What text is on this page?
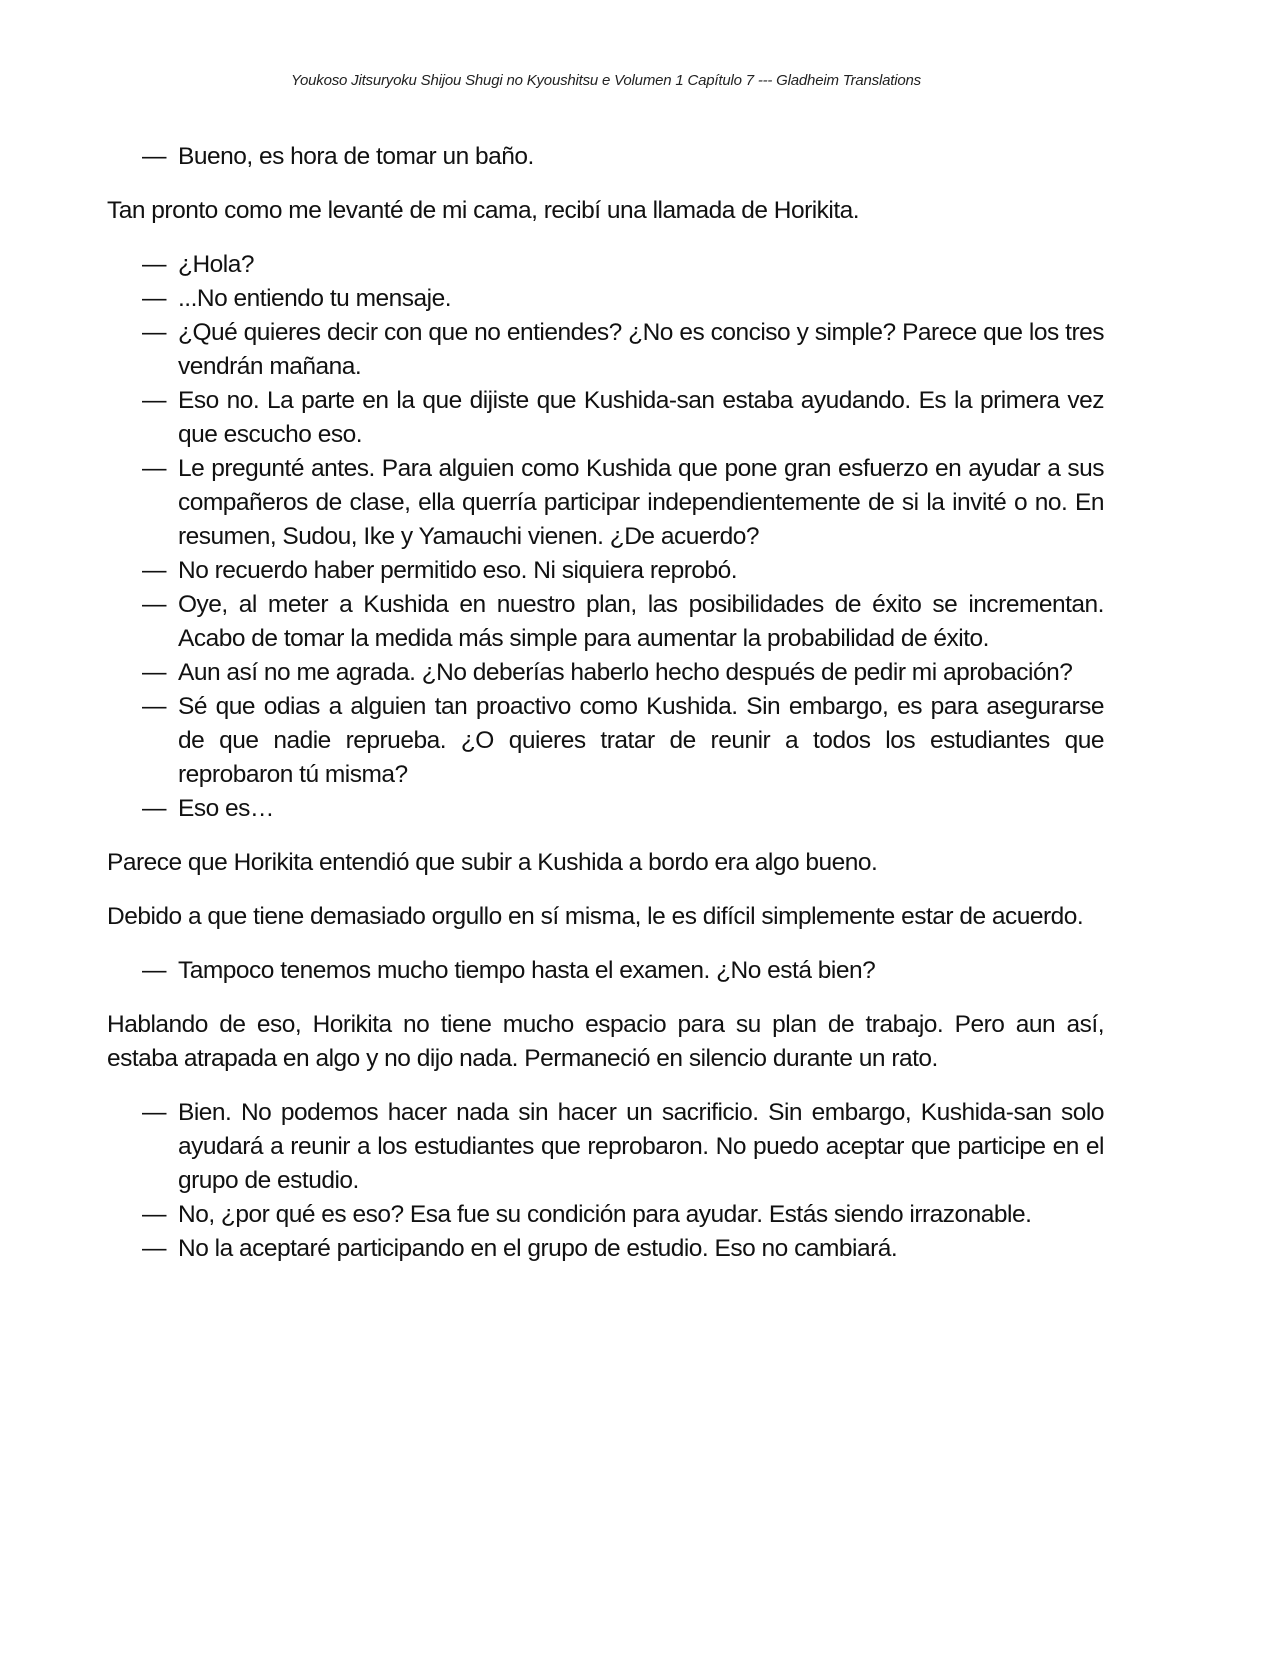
Youkoso Jitsuryoku Shijou Shugi no Kyoushitsu e Volumen 1 Capítulo 7 --- Gladheim Translations
— Bueno, es hora de tomar un baño.

Tan pronto como me levanté de mi cama, recibí una llamada de Horikita.

— ¿Hola?
— ...No entiendo tu mensaje.
— ¿Qué quieres decir con que no entiendes? ¿No es conciso y simple? Parece que los tres vendrán mañana.
— Eso no. La parte en la que dijiste que Kushida-san estaba ayudando. Es la primera vez que escucho eso.
— Le pregunté antes. Para alguien como Kushida que pone gran esfuerzo en ayudar a sus compañeros de clase, ella querría participar independientemente de si la invité o no. En resumen, Sudou, Ike y Yamauchi vienen. ¿De acuerdo?
— No recuerdo haber permitido eso. Ni siquiera reprobó.
— Oye, al meter a Kushida en nuestro plan, las posibilidades de éxito se incrementan. Acabo de tomar la medida más simple para aumentar la probabilidad de éxito.
— Aun así no me agrada. ¿No deberías haberlo hecho después de pedir mi aprobación?
— Sé que odias a alguien tan proactivo como Kushida. Sin embargo, es para asegurarse de que nadie reprueba. ¿O quieres tratar de reunir a todos los estudiantes que reprobaron tú misma?
— Eso es…

Parece que Horikita entendió que subir a Kushida a bordo era algo bueno.

Debido a que tiene demasiado orgullo en sí misma, le es difícil simplemente estar de acuerdo.

— Tampoco tenemos mucho tiempo hasta el examen. ¿No está bien?

Hablando de eso, Horikita no tiene mucho espacio para su plan de trabajo. Pero aun así, estaba atrapada en algo y no dijo nada. Permaneció en silencio durante un rato.

— Bien. No podemos hacer nada sin hacer un sacrificio. Sin embargo, Kushida-san solo ayudará a reunir a los estudiantes que reprobaron. No puedo aceptar que participe en el grupo de estudio.
— No, ¿por qué es eso? Esa fue su condición para ayudar. Estás siendo irrazonable.
— No la aceptaré participando en el grupo de estudio. Eso no cambiará.
